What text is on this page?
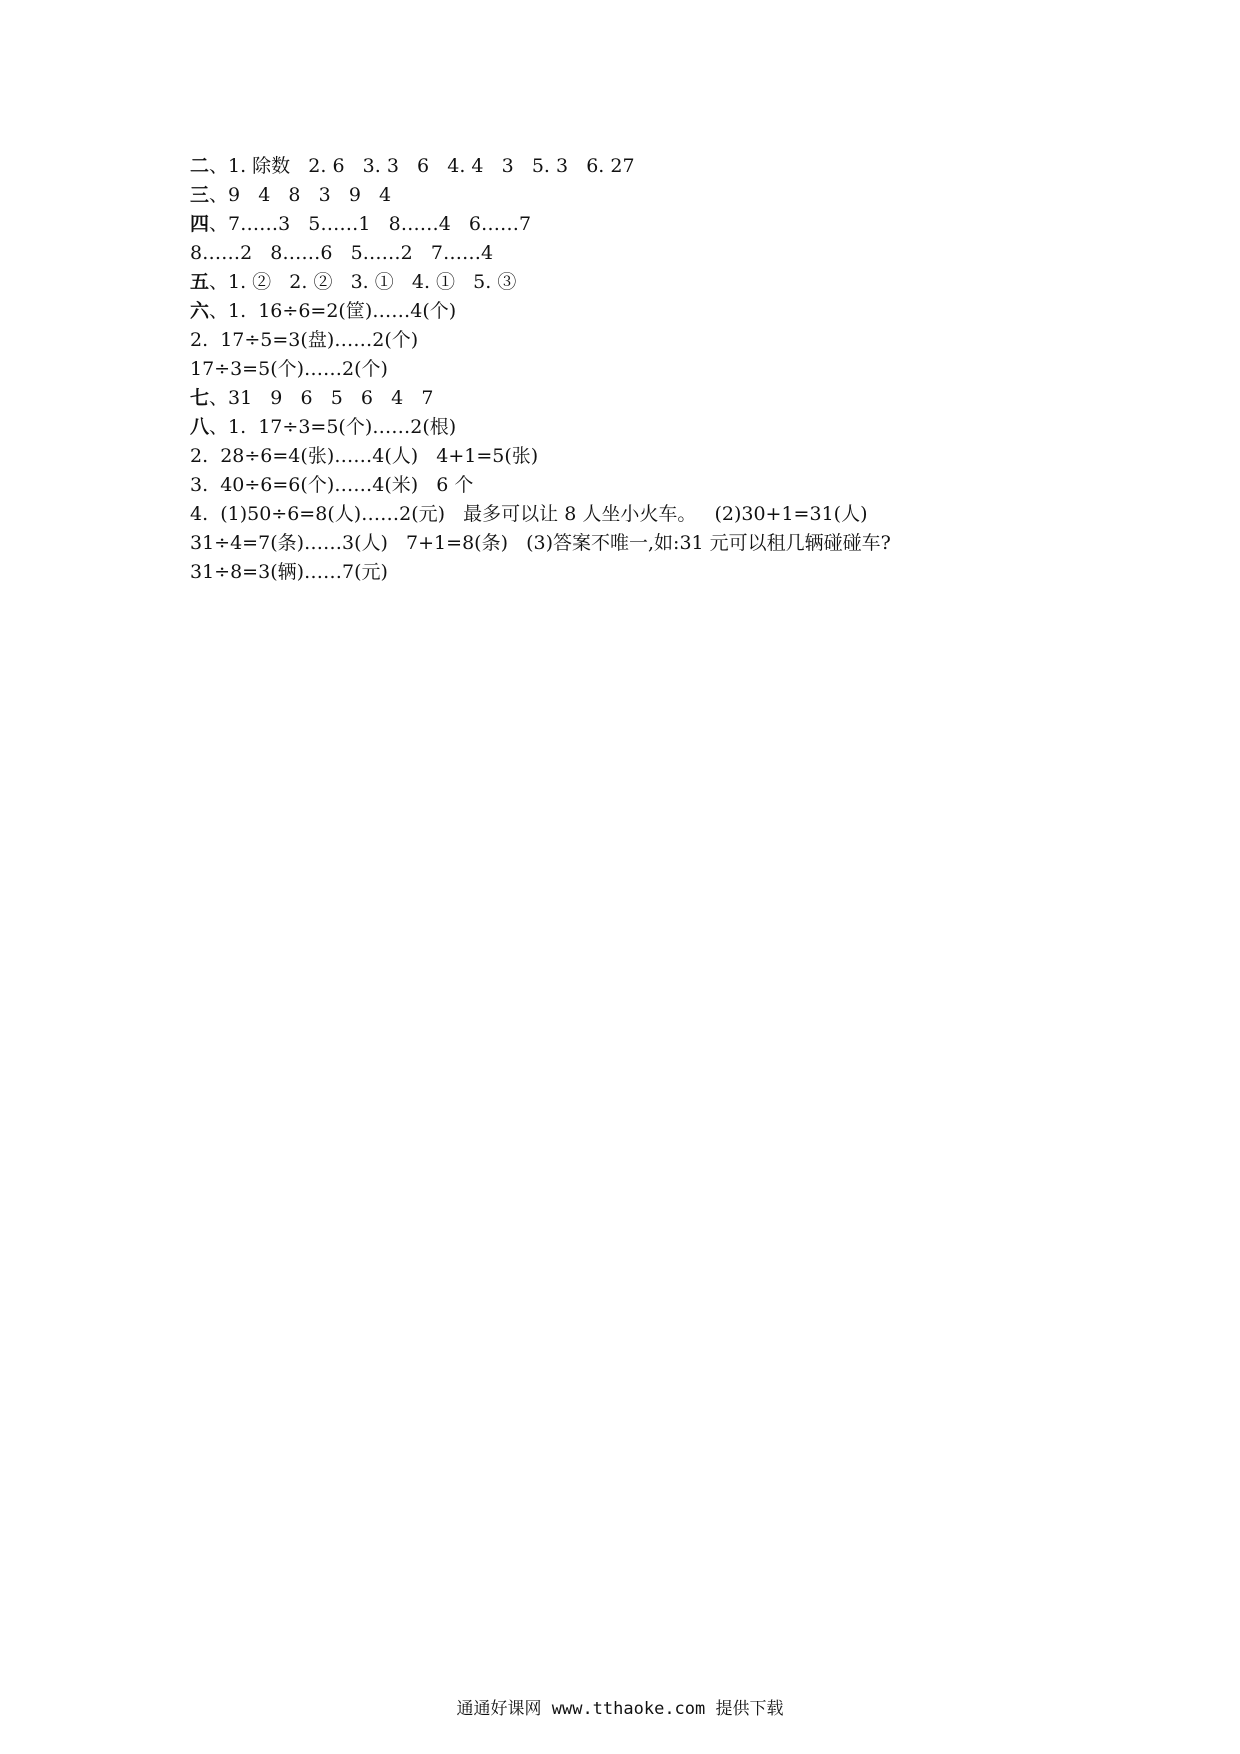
二、1. 除数   2. 6   3. 3   6   4. 4   3   5. 3   6. 27
三、9   4   8   3   9   4
四、7……3   5……1   8……4   6……7
8……2   8……6   5……2   7……4
五、1. ②   2. ②   3. ①   4. ①   5. ③
六、1.  16÷6=2(筐)……4(个)
2.  17÷5=3(盘)……2(个)
17÷3=5(个)……2(个)
七、31   9   6   5   6   4   7
八、1.  17÷3=5(个)……2(根)
2.  28÷6=4(张)……4(人)   4+1=5(张)
3.  40÷6=6(个)……4(米)   6 个
4.  (1)50÷6=8(人)……2(元)   最多可以让 8 人坐小火车。   (2)30+1=31(人)
31÷4=7(条)……3(人)   7+1=8(条)   (3)答案不唯一,如:31 元可以租几辆碰碰车?
31÷8=3(辆)……7(元)
通通好课网 www.tthaoke.com 提供下载
